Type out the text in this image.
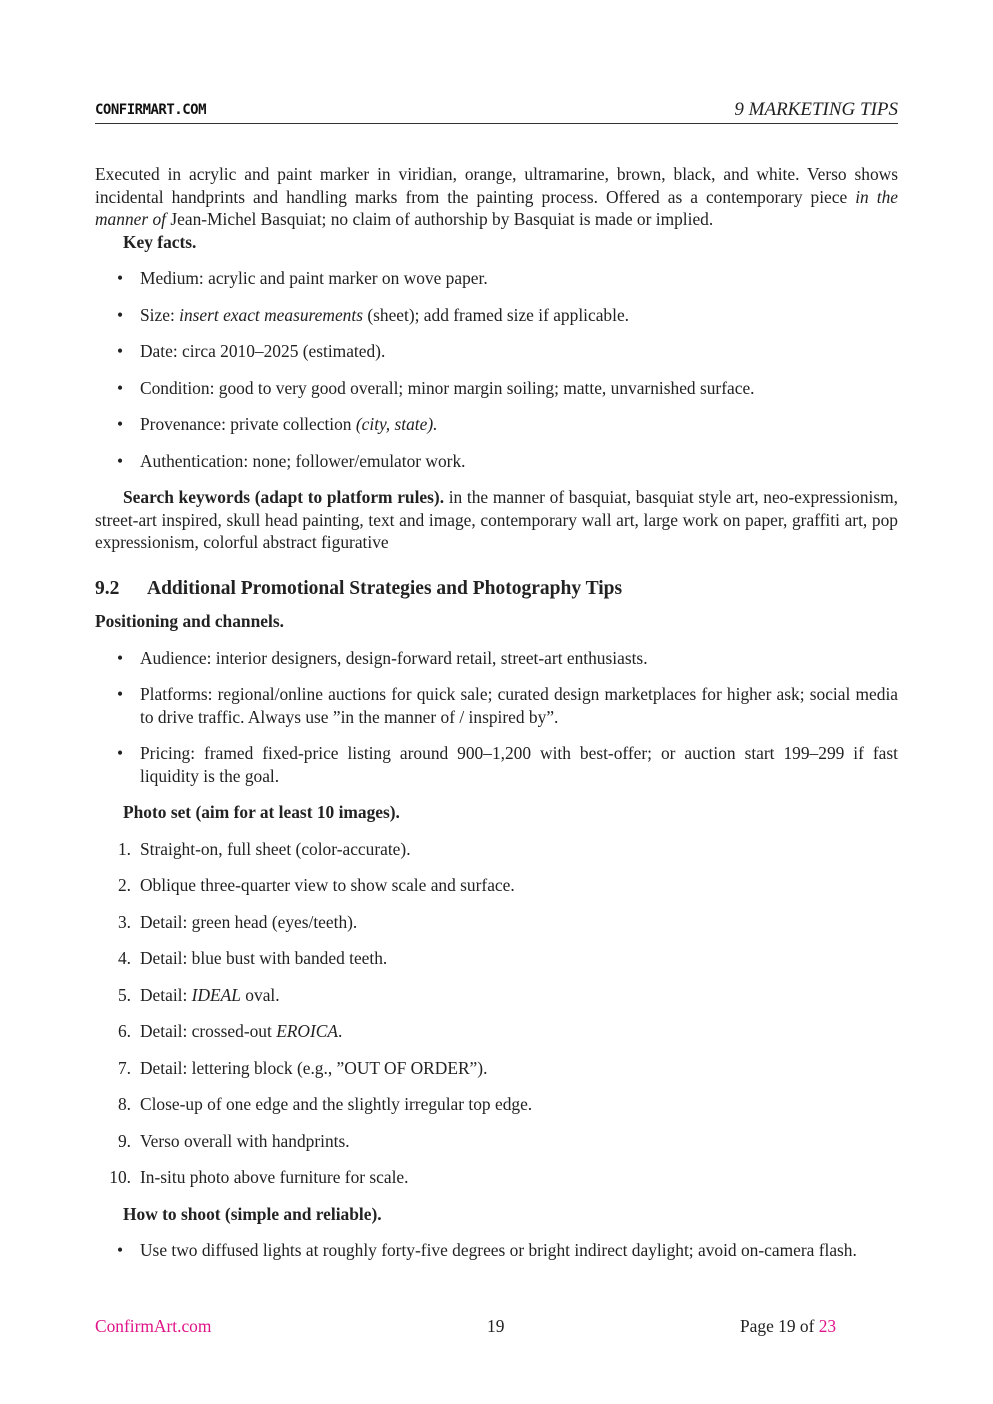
CONFIRMART.COM	9 MARKETING TIPS

Executed in acrylic and paint marker in viridian, orange, ultramarine, brown, black, and white. Verso shows incidental handprints and handling marks from the painting process. Offered as a contemporary piece in the manner of Jean-Michel Basquiat; no claim of authorship by Basquiat is made or implied.

Key facts.

• Medium: acrylic and paint marker on wove paper.
• Size: insert exact measurements (sheet); add framed size if applicable.
• Date: circa 2010–2025 (estimated).
• Condition: good to very good overall; minor margin soiling; matte, unvarnished surface.
• Provenance: private collection (city, state).
• Authentication: none; follower/emulator work.

Search keywords (adapt to platform rules). in the manner of basquiat, basquiat style art, neo-expressionism, street-art inspired, skull head painting, text and image, contemporary wall art, large work on paper, graffiti art, pop expressionism, colorful abstract figurative

9.2 Additional Promotional Strategies and Photography Tips

Positioning and channels.

• Audience: interior designers, design-forward retail, street-art enthusiasts.
• Platforms: regional/online auctions for quick sale; curated design marketplaces for higher ask; social media to drive traffic. Always use ”in the manner of / inspired by”.
• Pricing: framed fixed-price listing around 900–1,200 with best-offer; or auction start 199–299 if fast liquidity is the goal.

Photo set (aim for at least 10 images).

1. Straight-on, full sheet (color-accurate).
2. Oblique three-quarter view to show scale and surface.
3. Detail: green head (eyes/teeth).
4. Detail: blue bust with banded teeth.
5. Detail: IDEAL oval.
6. Detail: crossed-out EROICA.
7. Detail: lettering block (e.g., ”OUT OF ORDER”).
8. Close-up of one edge and the slightly irregular top edge.
9. Verso overall with handprints.
10. In-situ photo above furniture for scale.

How to shoot (simple and reliable).

• Use two diffused lights at roughly forty-five degrees or bright indirect daylight; avoid on-camera flash.
ConfirmArt.com	19	Page 19 of 23
